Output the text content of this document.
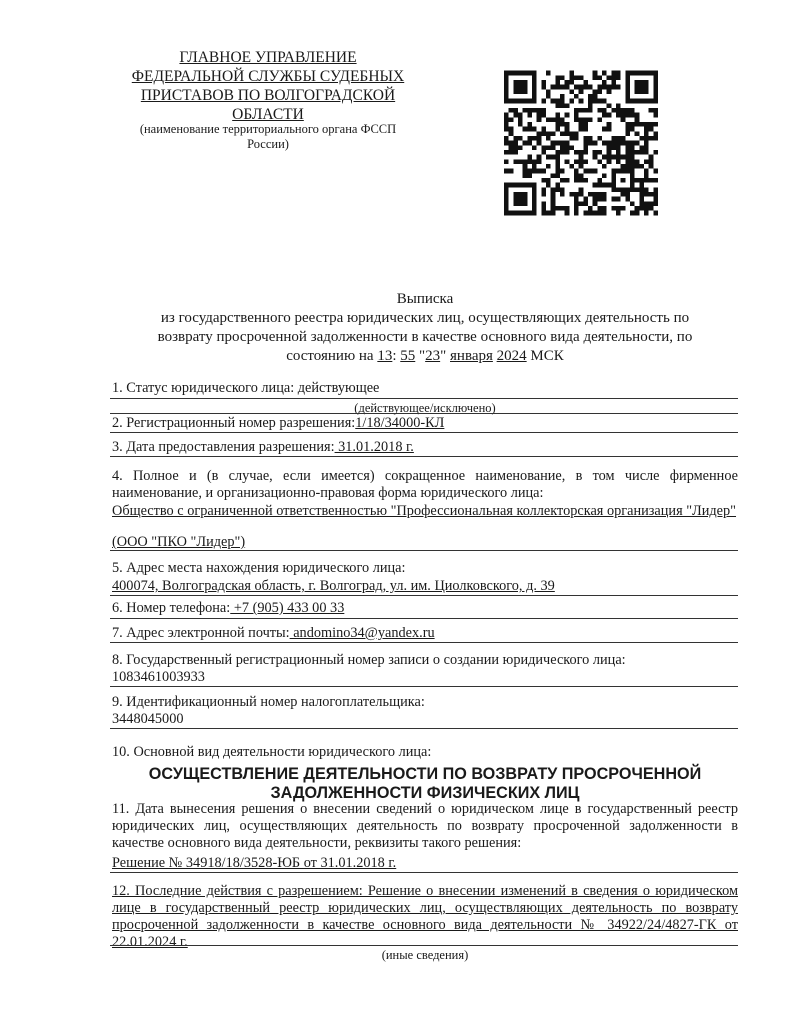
ГЛАВНОЕ УПРАВЛЕНИЕ
ФЕДЕРАЛЬНОЙ СЛУЖБЫ СУДЕБНЫХ
ПРИСТАВОВ ПО ВОЛГОГРАДСКОЙ
ОБЛАСТИ
(наименование территориального органа ФССП
России)
Выписка
из государственного реестра юридических лиц, осуществляющих деятельность по
возврату просроченной задолженности в качестве основного вида деятельности, по
состоянию на 13: 55 "23" января 2024 МСК
1. Статус юридического лица: действующее
(действующее/исключено)
2. Регистрационный номер разрешения:1/18/34000-КЛ
3. Дата предоставления разрешения: 31.01.2018 г.
4. Полное и (в случае, если имеется) сокращенное наименование, в том числе фирменное наименование, и организационно-правовая форма юридического лица:
Общество с ограниченной ответственностью "Профессиональная коллекторская организация "Лидер"
(ООО "ПКО "Лидер")
5. Адрес места нахождения юридического лица:
400074, Волгоградская область, г. Волгоград, ул. им. Циолковского, д. 39
6. Номер телефона: +7 (905) 433 00 33
7. Адрес электронной почты: andomino34@yandex.ru
8. Государственный регистрационный номер записи о создании юридического лица:
1083461003933
9. Идентификационный номер налогоплательщика:
3448045000
10. Основной вид деятельности юридического лица:
ОСУЩЕСТВЛЕНИЕ ДЕЯТЕЛЬНОСТИ ПО ВОЗВРАТУ ПРОСРОЧЕННОЙ
ЗАДОЛЖЕННОСТИ ФИЗИЧЕСКИХ ЛИЦ
11. Дата вынесения решения о внесении сведений о юридическом лице в государственный реестр юридических лиц, осуществляющих деятельность по возврату просроченной задолженности в качестве основного вида деятельности, реквизиты такого решения:
Решение № 34918/18/3528-ЮБ от 31.01.2018 г.
12. Последние действия с разрешением: Решение о внесении изменений в сведения о юридическом лице в государственный реестр юридических лиц, осуществляющих деятельность по возврату просроченной задолженности в качестве основного вида деятельности № 34922/24/4827-ГК от 22.01.2024 г.
(иные сведения)
